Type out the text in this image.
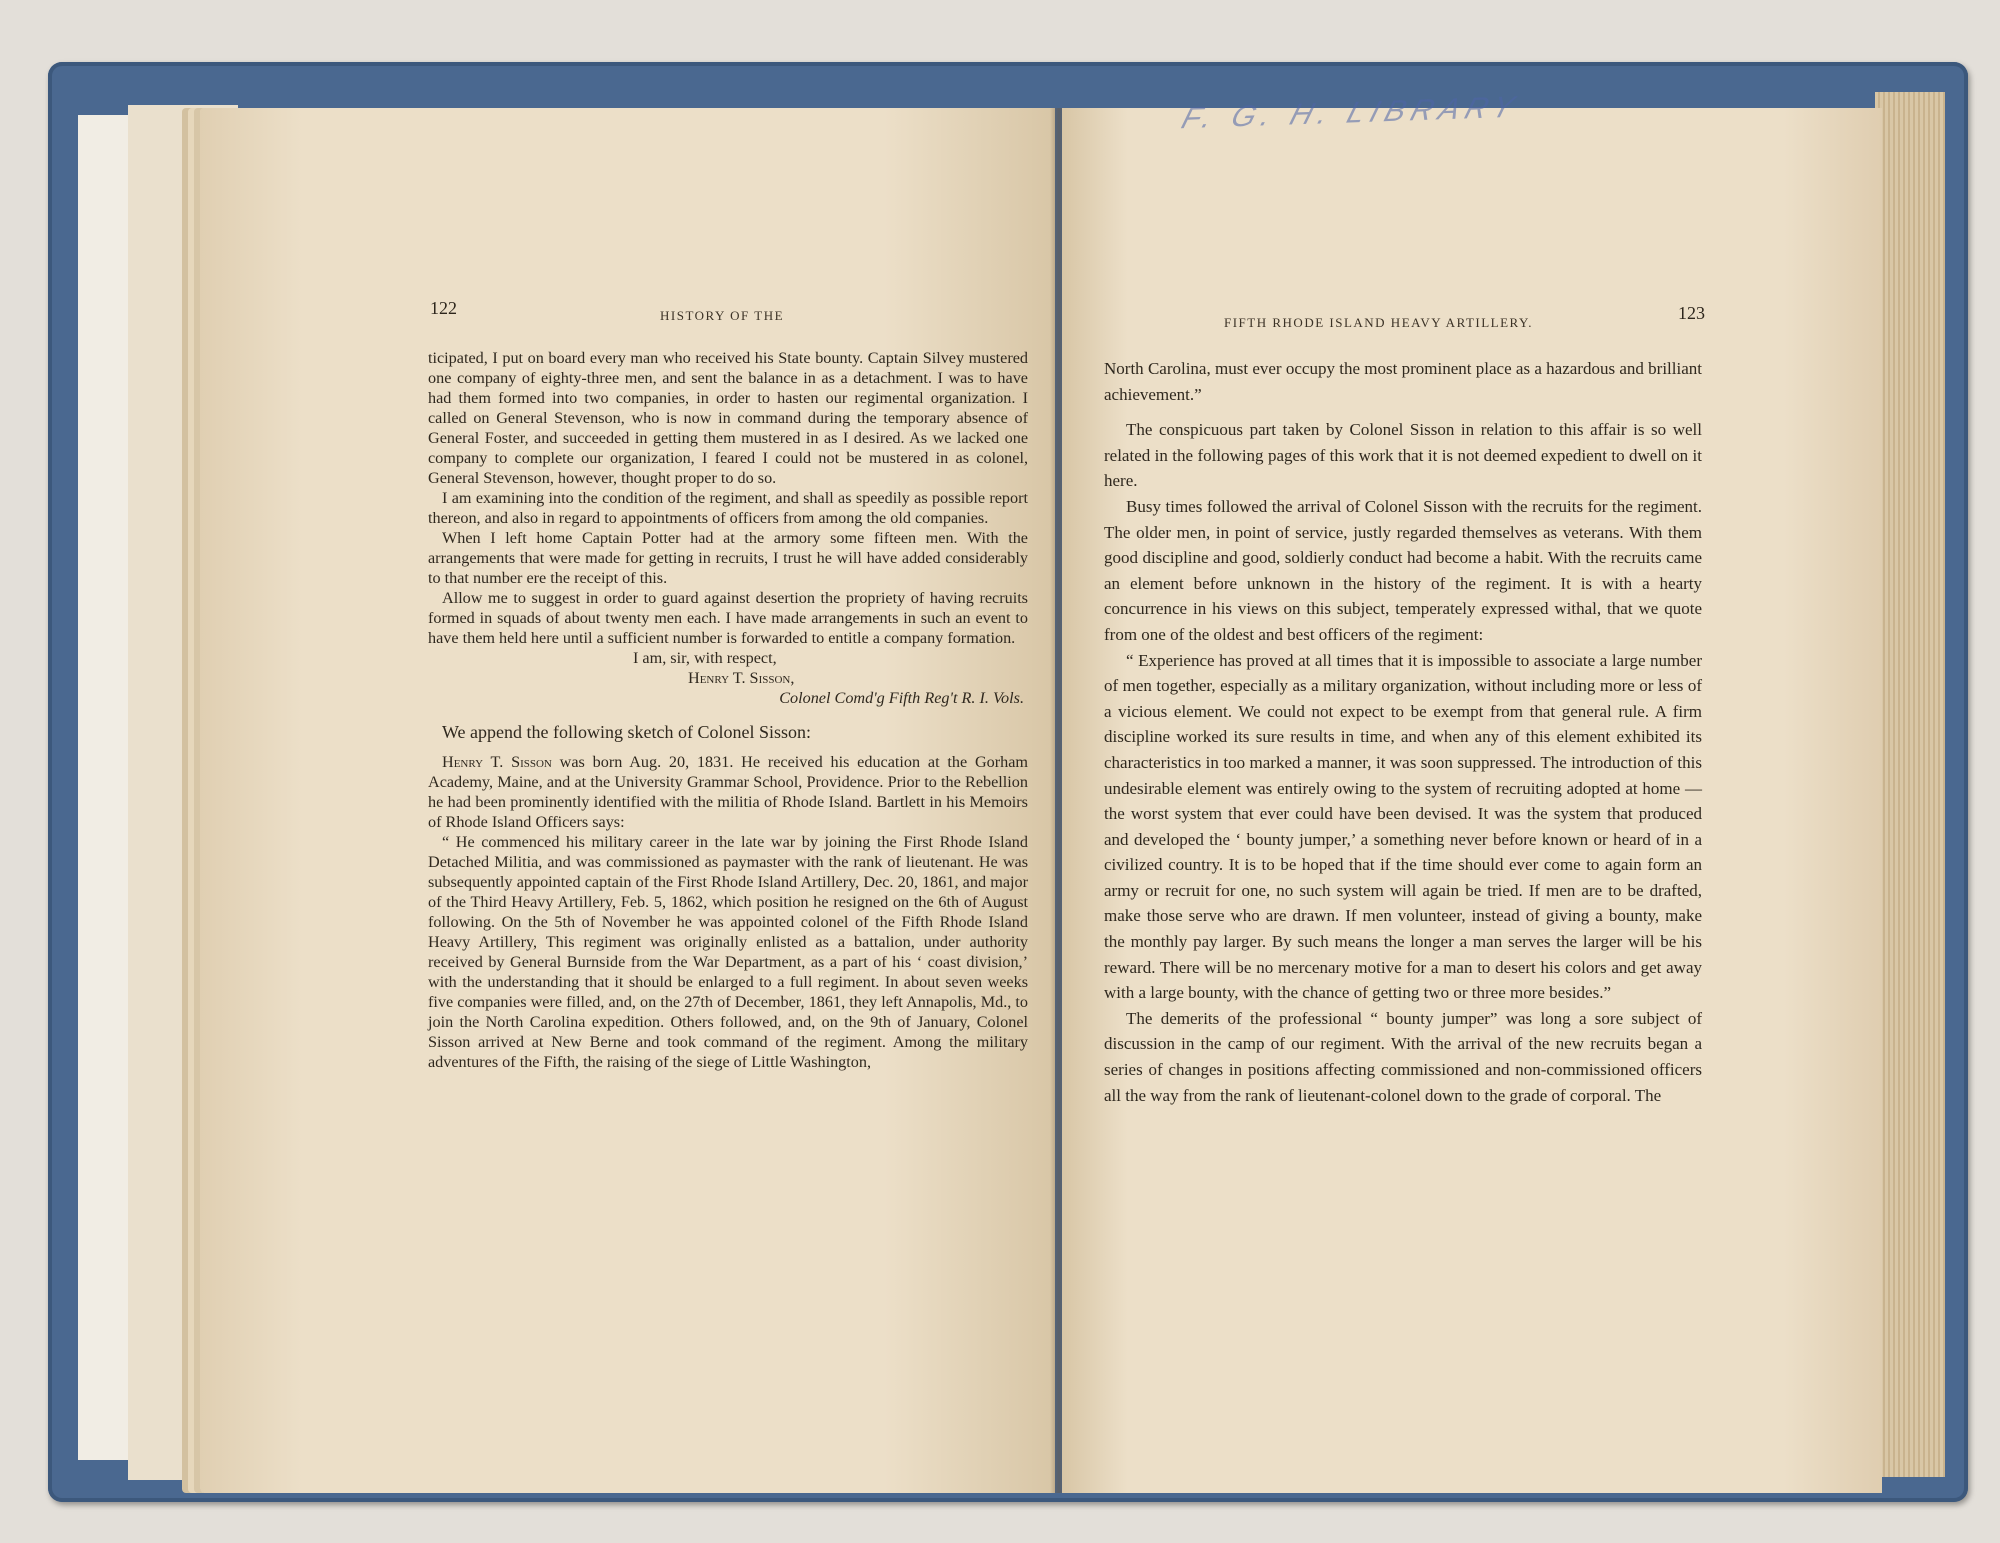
122	HISTORY OF THE

ticipated, I put on board every man who received his State bounty. Captain Silvey mustered one company of eighty-three men, and sent the balance in as a detachment. I was to have had them formed into two companies, in order to hasten our regimental organization. I called on General Stevenson, who is now in command during the temporary absence of General Foster, and succeeded in getting them mustered in as I desired. As we lacked one company to complete our organization, I feared I could not be mustered in as colonel, General Stevenson, however, thought proper to do so.

I am examining into the condition of the regiment, and shall as speedily as possible report thereon, and also in regard to appointments of officers from among the old companies.

When I left home Captain Potter had at the armory some fifteen men. With the arrangements that were made for getting in recruits, I trust he will have added considerably to that number ere the receipt of this.

Allow me to suggest in order to guard against desertion the propriety of having recruits formed in squads of about twenty men each. I have made arrangements in such an event to have them held here until a sufficient number is forwarded to entitle a company formation.

I am, sir, with respect,

Henry T. Sisson,

Colonel Comd'g Fifth Reg't R. I. Vols.

We append the following sketch of Colonel Sisson:

Henry T. Sisson was born Aug. 20, 1831. He received his education at the Gorham Academy, Maine, and at the University Grammar School, Providence. Prior to the Rebellion he had been prominently identified with the militia of Rhode Island. Bartlett in his Memoirs of Rhode Island Officers says:

“ He commenced his military career in the late war by joining the First Rhode Island Detached Militia, and was commissioned as paymaster with the rank of lieutenant. He was subsequently appointed captain of the First Rhode Island Artillery, Dec. 20, 1861, and major of the Third Heavy Artillery, Feb. 5, 1862, which position he resigned on the 6th of August following. On the 5th of November he was appointed colonel of the Fifth Rhode Island Heavy Artillery, This regiment was originally enlisted as a battalion, under authority received by General Burnside from the War Department, as a part of his ‘ coast division,’ with the understanding that it should be enlarged to a full regiment. In about seven weeks five companies were filled, and, on the 27th of December, 1861, they left Annapolis, Md., to join the North Carolina expedition. Others followed, and, on the 9th of January, Colonel Sisson arrived at New Berne and took command of the regiment. Among the military adventures of the Fifth, the raising of the siege of Little Washington,

FIFTH RHODE ISLAND HEAVY ARTILLERY.	123

North Carolina, must ever occupy the most prominent place as a hazardous and brilliant achievement.”

The conspicuous part taken by Colonel Sisson in relation to this affair is so well related in the following pages of this work that it is not deemed expedient to dwell on it here.

Busy times followed the arrival of Colonel Sisson with the recruits for the regiment. The older men, in point of service, justly regarded themselves as veterans. With them good discipline and good, soldierly conduct had become a habit. With the recruits came an element before unknown in the history of the regiment. It is with a hearty concurrence in his views on this subject, temperately expressed withal, that we quote from one of the oldest and best officers of the regiment:

“ Experience has proved at all times that it is impossible to associate a large number of men together, especially as a military organization, without including more or less of a vicious element. We could not expect to be exempt from that general rule. A firm discipline worked its sure results in time, and when any of this element exhibited its characteristics in too marked a manner, it was soon suppressed. The introduction of this undesirable element was entirely owing to the system of recruiting adopted at home — the worst system that ever could have been devised. It was the system that produced and developed the ‘ bounty jumper,’ a something never before known or heard of in a civilized country. It is to be hoped that if the time should ever come to again form an army or recruit for one, no such system will again be tried. If men are to be drafted, make those serve who are drawn. If men volunteer, instead of giving a bounty, make the monthly pay larger. By such means the longer a man serves the larger will be his reward. There will be no mercenary motive for a man to desert his colors and get away with a large bounty, with the chance of getting two or three more besides.”

The demerits of the professional “ bounty jumper” was long a sore subject of discussion in the camp of our regiment. With the arrival of the new recruits began a series of changes in positions affecting commissioned and non-commissioned officers all the way from the rank of lieutenant-colonel down to the grade of corporal. The

F. G. H. LIBRARY
